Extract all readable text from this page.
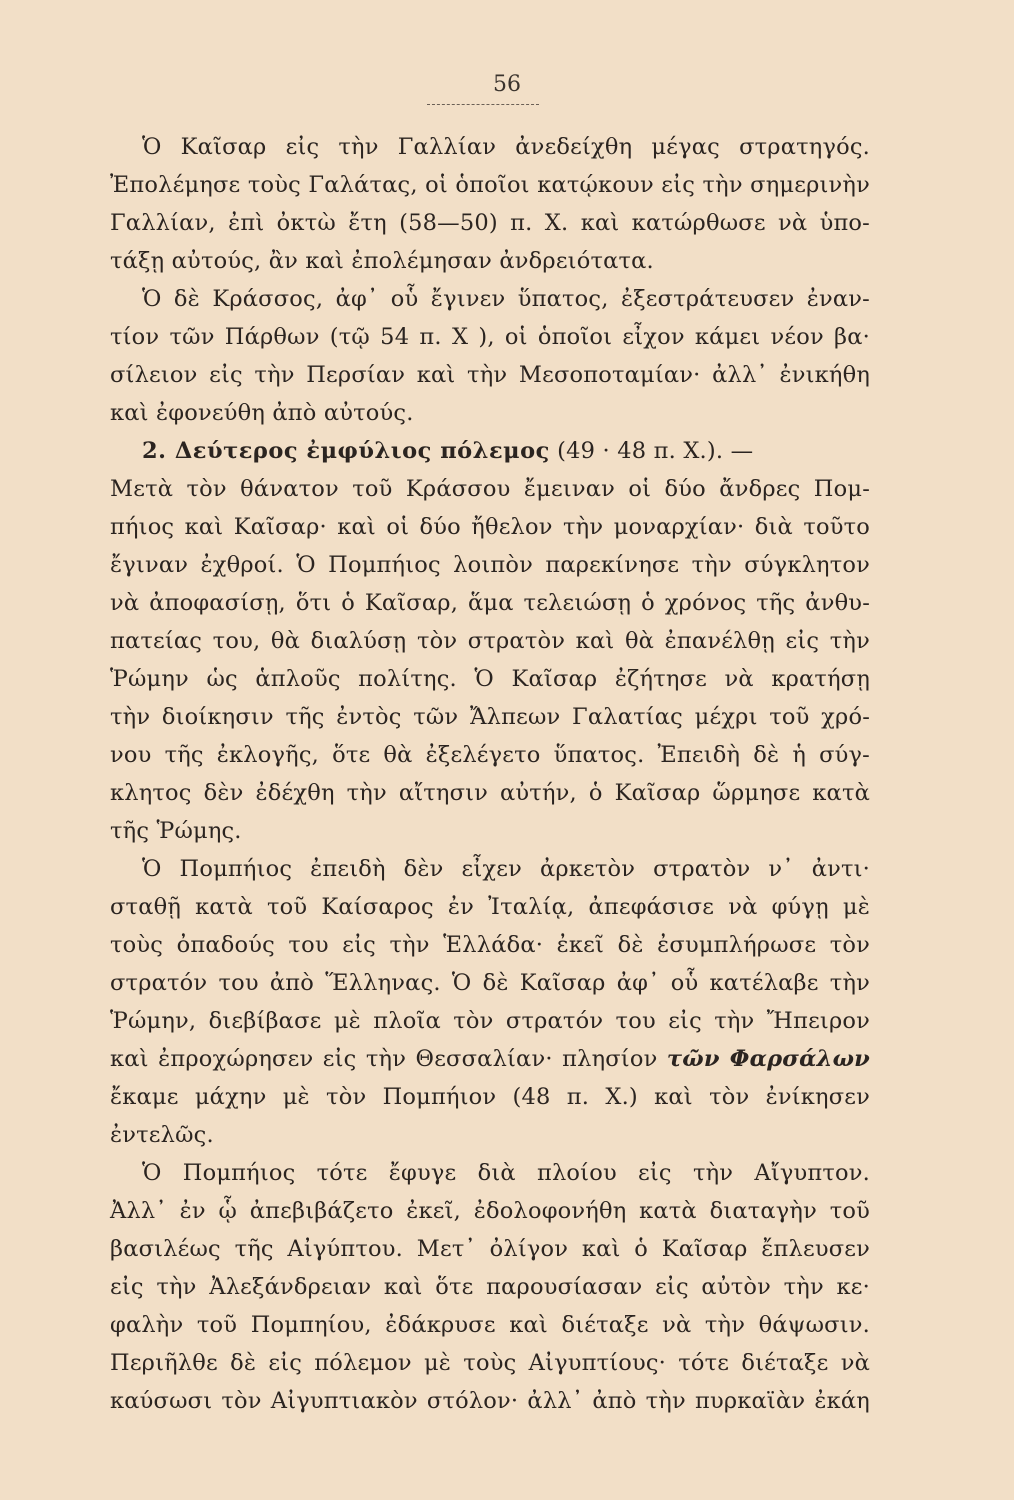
56
Ὁ Καῖσαρ εἰς τὴν Γαλλίαν ἀνεδείχθη μέγας στρατηγός.
Ἐπολέμησε τοὺς Γαλάτας, οἱ ὁποῖοι κατῴκουν εἰς τὴν σημερινὴν
Γαλλίαν, ἐπὶ ὀκτὼ ἔτη (58—50) π. Χ. καὶ κατώρθωσε νὰ ὑπο-
τάξῃ αὐτούς, ἂν καὶ ἐπολέμησαν ἀνδρειότατα.
Ὁ δὲ Κράσσος, ἀφ᾿ οὗ ἔγινεν ὕπατος, ἐξεστράτευσεν ἐναν-
τίον τῶν Πάρθων (τῷ 54 π. Χ ), οἱ ὁποῖοι εἶχον κάμει νέον βα·
σίλειον εἰς τὴν Περσίαν καὶ τὴν Μεσοποταμίαν· ἀλλ᾿ ἐνικήθη
καὶ ἐφονεύθη ἀπὸ αὐτούς.
2. Δεύτερος ἐμφύλιος πόλεμος (49 · 48 π. Χ.). —
Μετὰ τὸν θάνατον τοῦ Κράσσου ἔμειναν οἱ δύο ἄνδρες Πομ-
πήιος καὶ Καῖσαρ· καὶ οἱ δύο ἤθελον τὴν μοναρχίαν· διὰ τοῦτο
ἔγιναν ἐχθροί. Ὁ Πομπήιος λοιπὸν παρεκίνησε τὴν σύγκλητον
νὰ ἀποφασίσῃ, ὅτι ὁ Καῖσαρ, ἅμα τελειώσῃ ὁ χρόνος τῆς ἀνθυ-
πατείας του, θὰ διαλύσῃ τὸν στρατὸν καὶ θὰ ἐπανέλθῃ εἰς τὴν
Ῥώμην ὡς ἁπλοῦς πολίτης. Ὁ Καῖσαρ ἐζήτησε νὰ κρατήσῃ
τὴν διοίκησιν τῆς ἐντὸς τῶν Ἄλπεων Γαλατίας μέχρι τοῦ χρό-
νου τῆς ἐκλογῆς, ὅτε θὰ ἐξελέγετο ὕπατος. Ἐπειδὴ δὲ ἡ σύγ-
κλητος δὲν ἐδέχθη τὴν αἴτησιν αὐτήν, ὁ Καῖσαρ ὥρμησε κατὰ
τῆς Ῥώμης.
Ὁ Πομπήιος ἐπειδὴ δὲν εἶχεν ἀρκετὸν στρατὸν ν᾿ ἀντι·
σταθῇ κατὰ τοῦ Καίσαρος ἐν Ἰταλίᾳ, ἀπεφάσισε νὰ φύγῃ μὲ
τοὺς ὀπαδούς του εἰς τὴν Ἑλλάδα· ἐκεῖ δὲ ἐσυμπλήρωσε τὸν
στρατόν του ἀπὸ Ἕλληνας. Ὁ δὲ Καῖσαρ ἀφ᾿ οὗ κατέλαβε τὴν
Ῥώμην, διεβίβασε μὲ πλοῖα τὸν στρατόν του εἰς τὴν Ἤπειρον
καὶ ἐπροχώρησεν εἰς τὴν Θεσσαλίαν· πλησίον τῶν Φαρσάλων
ἔκαμε μάχην μὲ τὸν Πομπήιον (48 π. Χ.) καὶ τὸν ἐνίκησεν
ἐντελῶς.
Ὁ Πομπήιος τότε ἔφυγε διὰ πλοίου εἰς τὴν Αἴγυπτον.
Ἀλλ᾿ ἐν ᾧ ἀπεβιβάζετο ἐκεῖ, ἐδολοφονήθη κατὰ διαταγὴν τοῦ
βασιλέως τῆς Αἰγύπτου. Μετ᾿ ὀλίγον καὶ ὁ Καῖσαρ ἔπλευσεν
εἰς τὴν Ἀλεξάνδρειαν καὶ ὅτε παρουσίασαν εἰς αὐτὸν τὴν κε·
φαλὴν τοῦ Πομπηίου, ἐδάκρυσε καὶ διέταξε νὰ τὴν θάψωσιν.
Περιῆλθε δὲ εἰς πόλεμον μὲ τοὺς Αἰγυπτίους· τότε διέταξε νὰ
καύσωσι τὸν Αἰγυπτιακὸν στόλον· ἀλλ᾿ ἀπὸ τὴν πυρκαϊὰν ἐκάη
